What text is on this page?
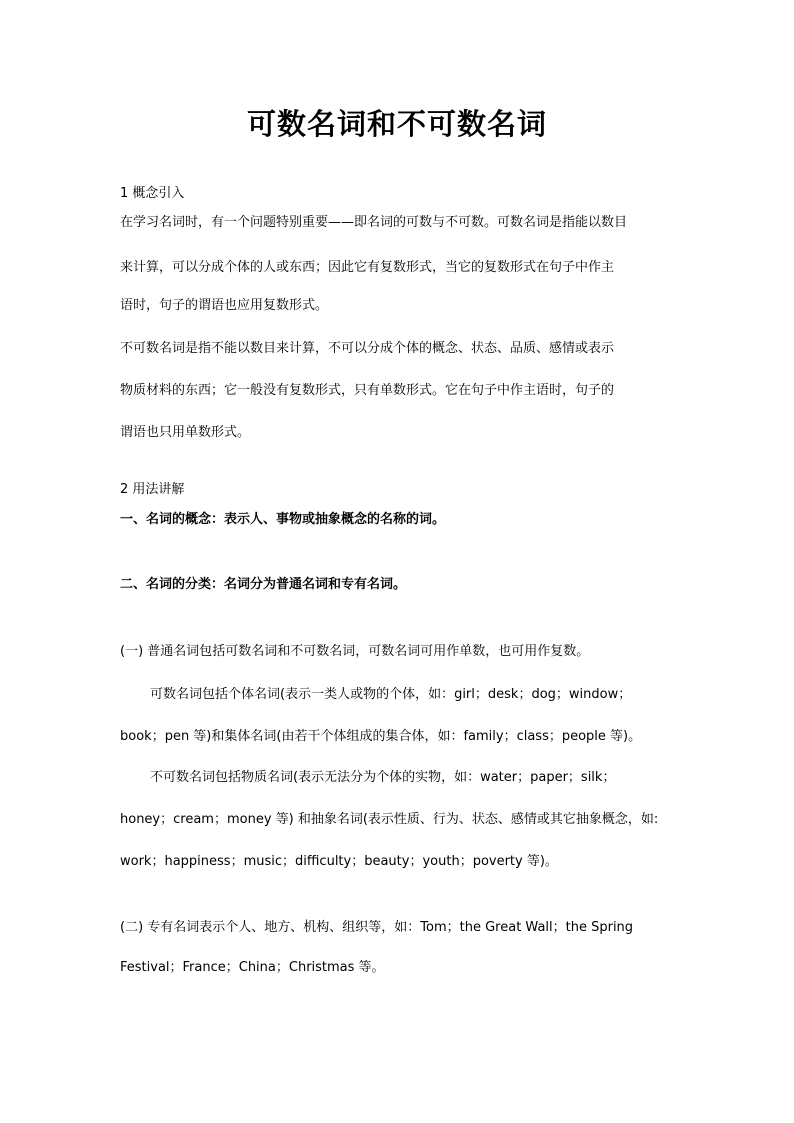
可数名词和不可数名词
1 概念引入
在学习名词时，有一个问题特别重要——即名词的可数与不可数。可数名词是指能以数目
来计算，可以分成个体的人或东西；因此它有复数形式，当它的复数形式在句子中作主
语时，句子的谓语也应用复数形式。
不可数名词是指不能以数目来计算，不可以分成个体的概念、状态、品质、感情或表示
物质材料的东西；它一般没有复数形式，只有单数形式。它在句子中作主语时，句子的
谓语也只用单数形式。
2 用法讲解
一、名词的概念：表示人、事物或抽象概念的名称的词。
二、名词的分类：名词分为普通名词和专有名词。
(一) 普通名词包括可数名词和不可数名词，可数名词可用作单数，也可用作复数。
可数名词包括个体名词(表示一类人或物的个体，如：girl；desk；dog；window；
book；pen 等)和集体名词(由若干个体组成的集合体，如：family；class；people 等)。
不可数名词包括物质名词(表示无法分为个体的实物，如：water；paper；silk；
honey；cream；money 等) 和抽象名词(表示性质、行为、状态、感情或其它抽象概念，如:
work；happiness；music；difficulty；beauty；youth；poverty 等)。
(二) 专有名词表示个人、地方、机构、组织等，如：Tom；the Great Wall；the Spring
Festival；France；China；Christmas 等。
